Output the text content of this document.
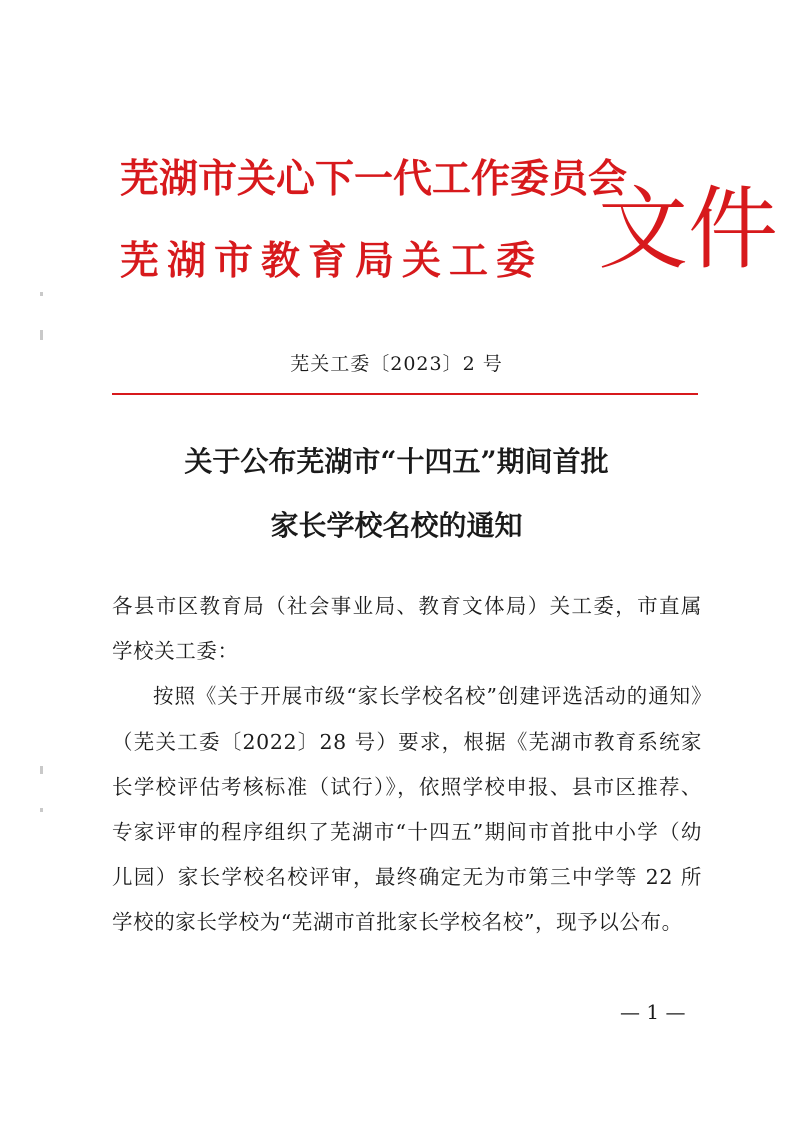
芜湖市关心下一代工作委员会
芜湖市教育局关工委 文件
芜关工委〔2023〕2 号
关于公布芜湖市“十四五”期间首批
家长学校名校的通知

各县市区教育局（社会事业局、教育文体局）关工委，市直属学校关工委：

按照《关于开展市级“家长学校名校”创建评选活动的通知》（芜关工委〔2022〕28 号）要求，根据《芜湖市教育系统家长学校评估考核标准（试行）》，依照学校申报、县市区推荐、专家评审的程序组织了芜湖市“十四五”期间市首批中小学（幼儿园）家长学校名校评审，最终确定无为市第三中学等 22 所学校的家长学校为“芜湖市首批家长学校名校”，现予以公布。

— 1 —
